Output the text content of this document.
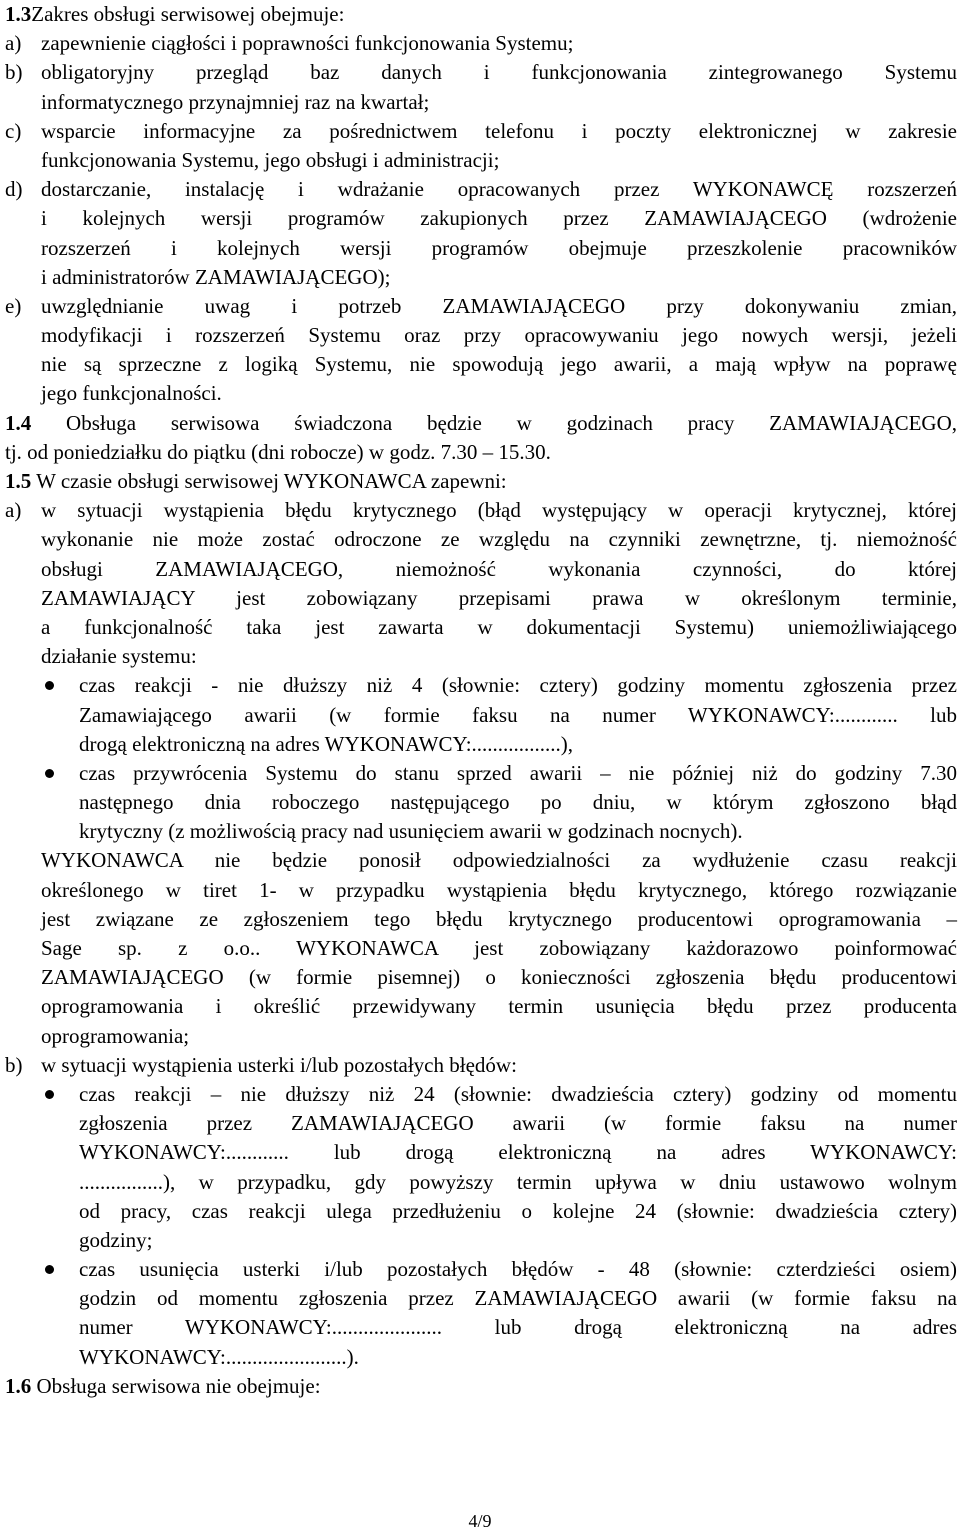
1.3Zakres obsługi serwisowej obejmuje:
a) zapewnienie ciągłości i poprawności funkcjonowania Systemu;
b) obligatoryjny przegląd baz danych i funkcjonowania zintegrowanego Systemu
informatycznego przynajmniej raz na kwartał;
c) wsparcie informacyjne za pośrednictwem telefonu i poczty elektronicznej w zakresie
funkcjonowania Systemu, jego obsługi i administracji;
d) dostarczanie, instalację i wdrażanie opracowanych przez WYKONAWCĘ rozszerzeń
i kolejnych wersji programów zakupionych przez ZAMAWIAJĄCEGO (wdrożenie
rozszerzeń i kolejnych wersji programów obejmuje przeszkolenie pracowników
i administratorów ZAMAWIAJĄCEGO);
e) uwzględnianie uwag i potrzeb ZAMAWIAJĄCEGO przy dokonywaniu zmian,
modyfikacji i rozszerzeń Systemu oraz przy opracowywaniu jego nowych wersji, jeżeli
nie są sprzeczne z logiką Systemu, nie spowodują jego awarii, a mają wpływ na poprawę
jego funkcjonalności.
1.4 Obsługa serwisowa świadczona będzie w godzinach pracy ZAMAWIAJĄCEGO,
tj. od poniedziałku do piątku (dni robocze) w godz. 7.30 – 15.30.
1.5 W czasie obsługi serwisowej WYKONAWCA zapewni:
a) w sytuacji wystąpienia błędu krytycznego (błąd występujący w operacji krytycznej, której
wykonanie nie może zostać odroczone ze względu na czynniki zewnętrzne, tj. niemożność
obsługi ZAMAWIAJĄCEGO, niemożność wykonania czynności, do której
ZAMAWIAJĄCY jest zobowiązany przepisami prawa w określonym terminie,
a funkcjonalność taka jest zawarta w dokumentacji Systemu) uniemożliwiającego
działanie systemu:
czas reakcji - nie dłuższy niż 4 (słownie: cztery) godziny momentu zgłoszenia przez
Zamawiającego awarii (w formie faksu na numer WYKONAWCY:............ lub
drogą elektroniczną na adres WYKONAWCY:.................),
czas przywrócenia Systemu do stanu sprzed awarii – nie później niż do godziny 7.30
następnego dnia roboczego następującego po dniu, w którym zgłoszono błąd
krytyczny (z możliwością pracy nad usunięciem awarii w godzinach nocnych).
WYKONAWCA nie będzie ponosił odpowiedzialności za wydłużenie czasu reakcji
określonego w tiret 1- w przypadku wystąpienia błędu krytycznego, którego rozwiązanie
jest związane ze zgłoszeniem tego błędu krytycznego producentowi oprogramowania –
Sage sp. z o.o.. WYKONAWCA jest zobowiązany każdorazowo poinformować
ZAMAWIAJĄCEGO (w formie pisemnej) o konieczności zgłoszenia błędu producentowi
oprogramowania i określić przewidywany termin usunięcia błędu przez producenta
oprogramowania;
b) w sytuacji wystąpienia usterki i/lub pozostałych błędów:
czas reakcji – nie dłuższy niż 24 (słownie: dwadzieścia cztery) godziny od momentu
zgłoszenia przez ZAMAWIAJĄCEGO awarii (w formie faksu na numer
WYKONAWCY:............ lub drogą elektroniczną na adres WYKONAWCY:
................), w przypadku, gdy powyższy termin upływa w dniu ustawowo wolnym
od pracy, czas reakcji ulega przedłużeniu o kolejne 24 (słownie: dwadzieścia cztery)
godziny;
czas usunięcia usterki i/lub pozostałych błędów - 48 (słownie: czterdzieści osiem)
godzin od momentu zgłoszenia przez ZAMAWIAJĄCEGO awarii (w formie faksu na
numer WYKONAWCY:..................... lub drogą elektroniczną na adres
WYKONAWCY:.......................).
1.6 Obsługa serwisowa nie obejmuje:
4/9
